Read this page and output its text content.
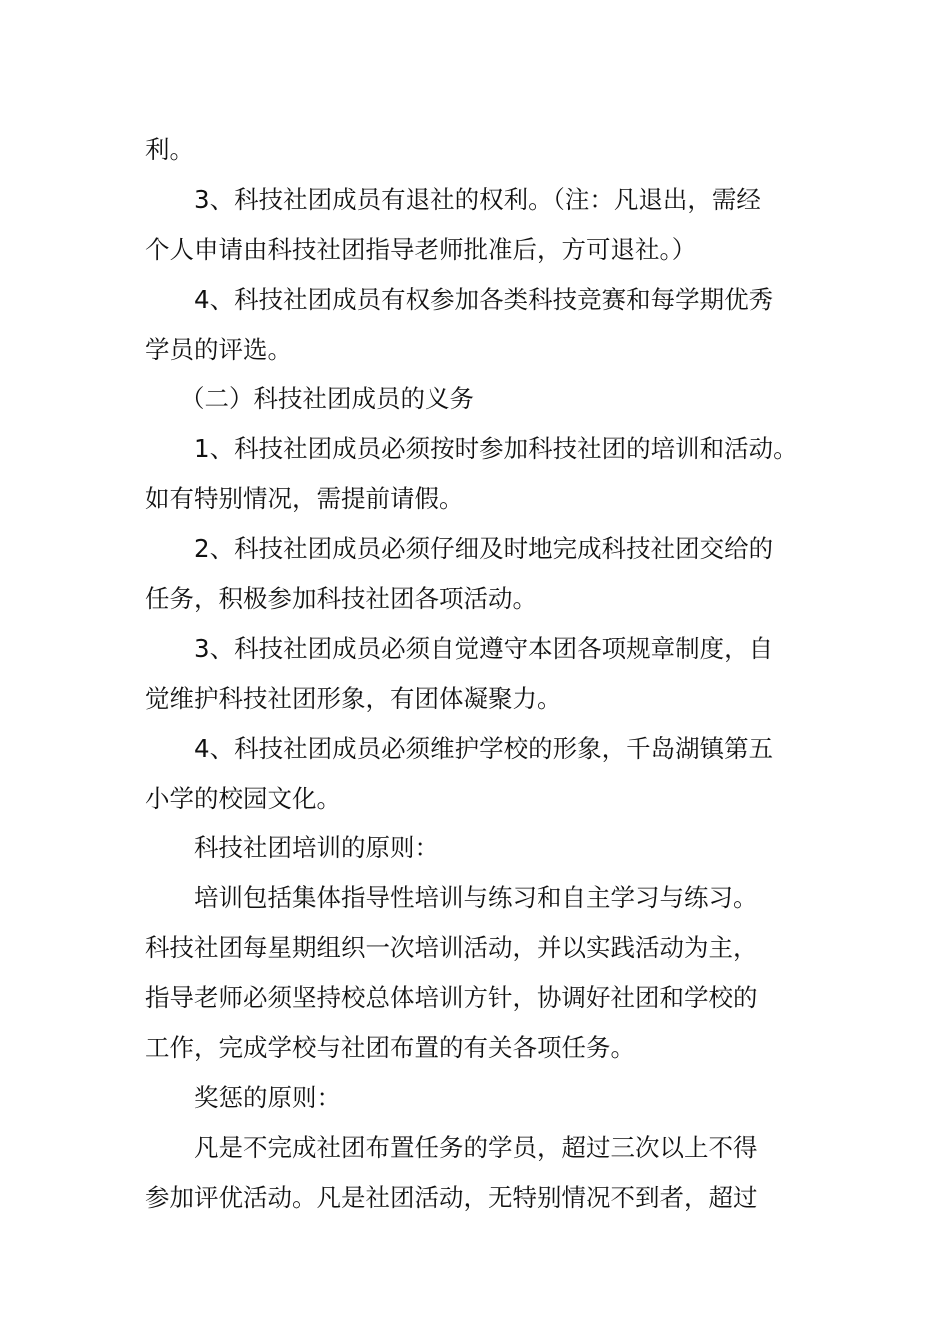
利。
3、科技社团成员有退社的权利。（注：凡退出，需经
个人申请由科技社团指导老师批准后，方可退社。）
4、科技社团成员有权参加各类科技竞赛和每学期优秀
学员的评选。
（二）科技社团成员的义务
1、科技社团成员必须按时参加科技社团的培训和活动。
如有特别情况，需提前请假。
2、科技社团成员必须仔细及时地完成科技社团交给的
任务，积极参加科技社团各项活动。
3、科技社团成员必须自觉遵守本团各项规章制度，自
觉维护科技社团形象，有团体凝聚力。
4、科技社团成员必须维护学校的形象，千岛湖镇第五
小学的校园文化。
科技社团培训的原则：
培训包括集体指导性培训与练习和自主学习与练习。
科技社团每星期组织一次培训活动，并以实践活动为主，
指导老师必须坚持校总体培训方针，协调好社团和学校的
工作，完成学校与社团布置的有关各项任务。
奖惩的原则：
凡是不完成社团布置任务的学员，超过三次以上不得
参加评优活动。凡是社团活动，无特别情况不到者，超过
